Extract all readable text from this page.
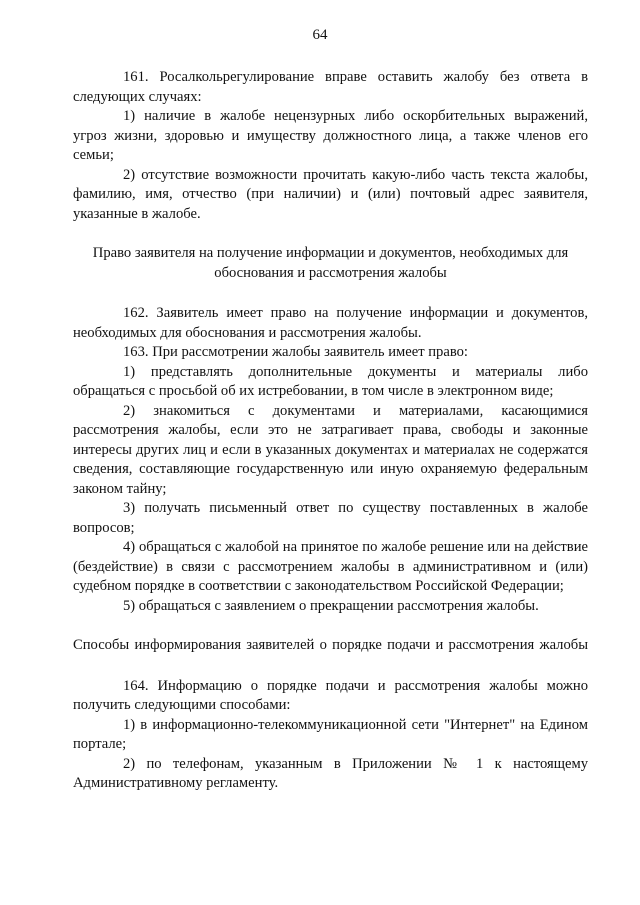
64

161. Росалкольрегулирование вправе оставить жалобу без ответа в следующих случаях:

1) наличие в жалобе нецензурных либо оскорбительных выражений, угроз жизни, здоровью и имуществу должностного лица, а также членов его семьи;

2) отсутствие возможности прочитать какую-либо часть текста жалобы, фамилию, имя, отчество (при наличии) и (или) почтовый адрес заявителя, указанные в жалобе.

Право заявителя на получение информации и документов, необходимых для
обоснования и рассмотрения жалобы

162. Заявитель имеет право на получение информации и документов, необходимых для обоснования и рассмотрения жалобы.

163. При рассмотрении жалобы заявитель имеет право:

1) представлять дополнительные документы и материалы либо обращаться с просьбой об их истребовании, в том числе в электронном виде;

2) знакомиться с документами и материалами, касающимися рассмотрения жалобы, если это не затрагивает права, свободы и законные интересы других лиц и если в указанных документах и материалах не содержатся сведения, составляющие государственную или иную охраняемую федеральным законом тайну;

3) получать письменный ответ по существу поставленных в жалобе вопросов;

4) обращаться с жалобой на принятое по жалобе решение или на действие (бездействие) в связи с рассмотрением жалобы в административном и (или) судебном порядке в соответствии с законодательством Российской Федерации;

5) обращаться с заявлением о прекращении рассмотрения жалобы.

Способы информирования заявителей о порядке подачи и рассмотрения жалобы

164. Информацию о порядке подачи и рассмотрения жалобы можно получить следующими способами:

1) в информационно-телекоммуникационной сети "Интернет" на Едином портале;

2) по телефонам, указанным в Приложении № 1 к настоящему Административному регламенту.
